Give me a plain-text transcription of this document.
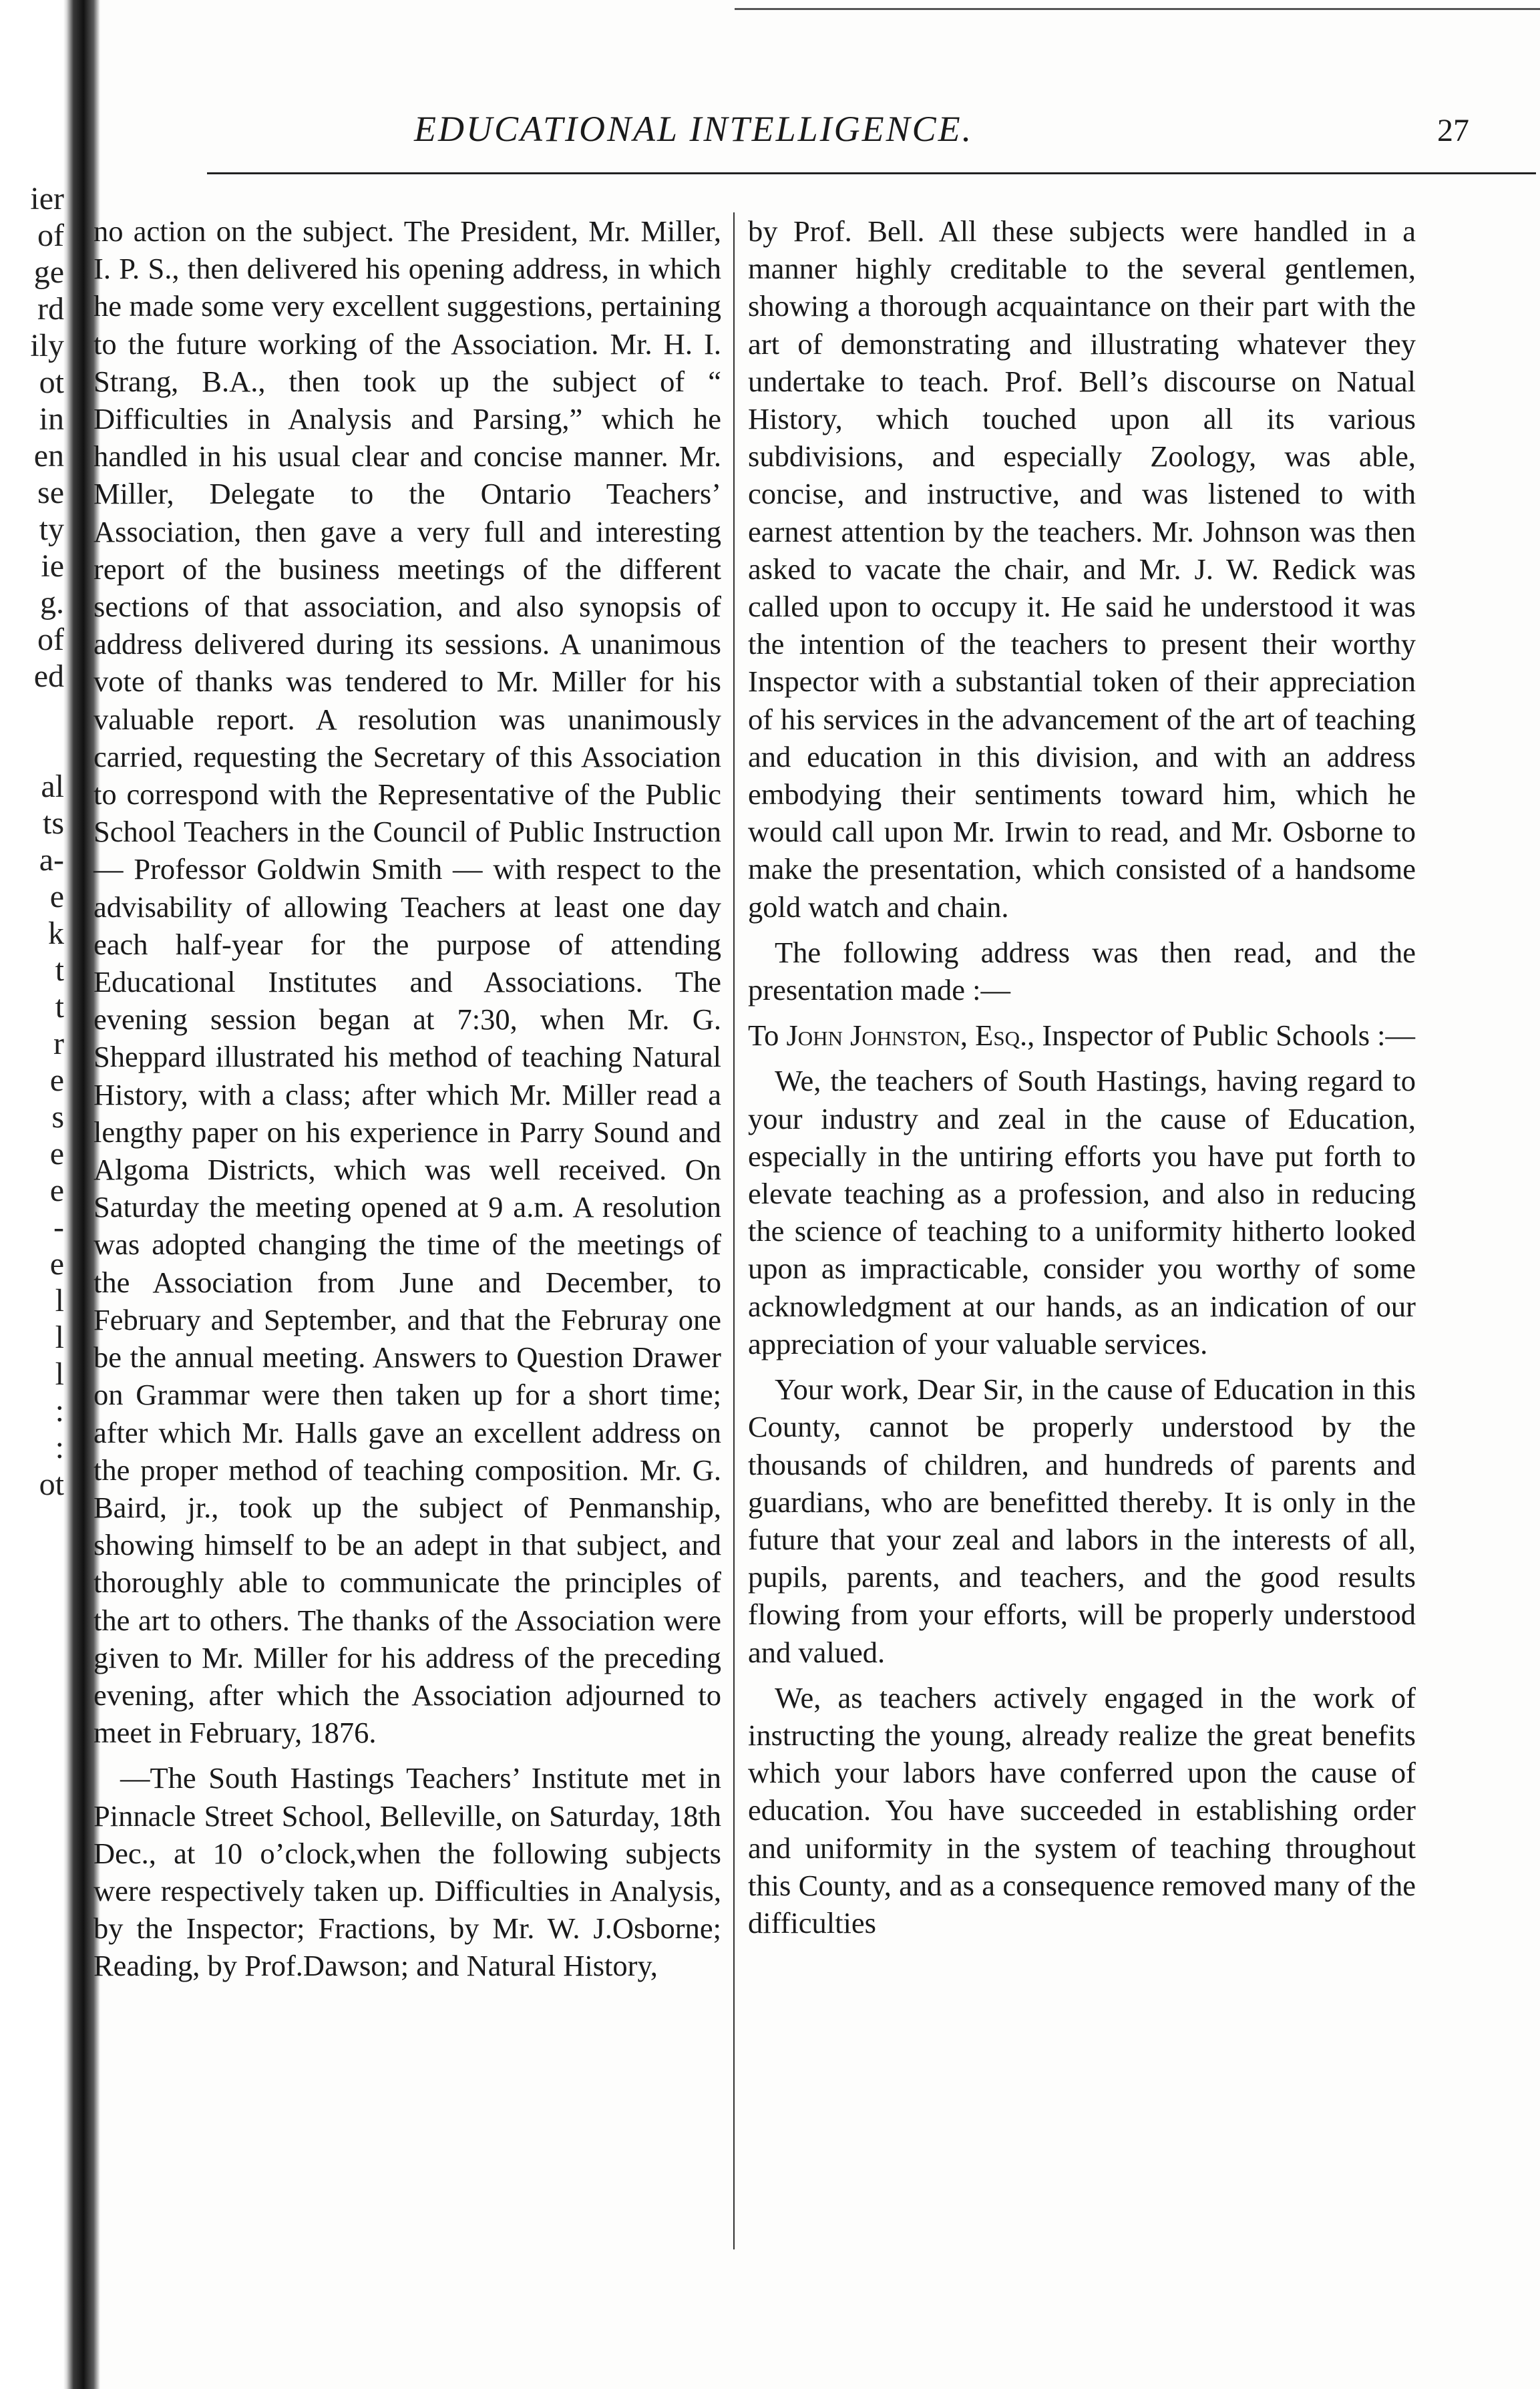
ier
of
ge
rd
ily
ot
in
en
se
ty
ie
g.
of
ed

al
ts
a-
e
k
t
t
r
e
s
e
e
-
e
l
l
l
:
:
ot
EDUCATIONAL INTELLIGENCE.	27

no action on the subject. The President, Mr. Miller, I. P. S., then delivered his opening address, in which he made some very excellent suggestions, pertaining to the future working of the Association. Mr. H. I. Strang, B.A., then took up the subject of “ Difficulties in Analysis and Parsing,” which he handled in his usual clear and concise manner. Mr. Miller, Delegate to the Ontario Teachers’ Association, then gave a very full and interesting report of the business meetings of the different sections of that association, and also synopsis of address delivered during its sessions. A unanimous vote of thanks was tendered to Mr. Miller for his valuable report. A resolution was unanimously carried, requesting the Secretary of this Association to correspond with the Representative of the Public School Teachers in the Council of Public Instruction— Professor Goldwin Smith — with respect to the advisability of allowing Teachers at least one day each half-year for the purpose of attending Educational Institutes and Associations. The evening session began at 7:30, when Mr. G. Sheppard illustrated his method of teaching Natural History, with a class; after which Mr. Miller read a lengthy paper on his experience in Parry Sound and Algoma Districts, which was well received. On Saturday the meeting opened at 9 a.m. A resolution was adopted changing the time of the meetings of the Association from June and December, to February and September, and that the Februray one be the annual meeting. Answers to Question Drawer on Grammar were then taken up for a short time; after which Mr. Halls gave an excellent address on the proper method of teaching composition. Mr. G. Baird, jr., took up the subject of Penmanship, showing himself to be an adept in that subject, and thoroughly able to communicate the principles of the art to others. The thanks of the Association were given to Mr. Miller for his address of the preceding evening, after which the Association adjourned to meet in February, 1876.

—The South Hastings Teachers’ Institute met in Pinnacle Street School, Belleville, on Saturday, 18th Dec., at 10 o’clock,when the following subjects were respectively taken up. Difficulties in Analysis, by the Inspector; Fractions, by Mr. W. J.Osborne; Reading, by Prof.Dawson; and Natural History,

by Prof. Bell. All these subjects were handled in a manner highly creditable to the several gentlemen, showing a thorough acquaintance on their part with the art of demonstrating and illustrating whatever they undertake to teach. Prof. Bell’s discourse on Natual History, which touched upon all its various subdivisions, and especially Zoology, was able, concise, and instructive, and was listened to with earnest attention by the teachers. Mr. Johnson was then asked to vacate the chair, and Mr. J. W. Redick was called upon to occupy it. He said he understood it was the intention of the teachers to present their worthy Inspector with a substantial token of their appreciation of his services in the advancement of the art of teaching and education in this division, and with an address embodying their sentiments toward him, which he would call upon Mr. Irwin to read, and Mr. Osborne to make the presentation, which consisted of a handsome gold watch and chain.

The following address was then read, and the presentation made :—

To John Johnston, Esq., Inspector of Public Schools :—

We, the teachers of South Hastings, having regard to your industry and zeal in the cause of Education, especially in the untiring efforts you have put forth to elevate teaching as a profession, and also in reducing the science of teaching to a uniformity hitherto looked upon as impracticable, consider you worthy of some acknowledgment at our hands, as an indication of our appreciation of your valuable services.

Your work, Dear Sir, in the cause of Education in this County, cannot be properly understood by the thousands of children, and hundreds of parents and guardians, who are benefitted thereby. It is only in the future that your zeal and labors in the interests of all, pupils, parents, and teachers, and the good results flowing from your efforts, will be properly understood and valued.

We, as teachers actively engaged in the work of instructing the young, already realize the great benefits which your labors have conferred upon the cause of education. You have succeeded in establishing order and uniformity in the system of teaching throughout this County, and as a consequence removed many of the difficulties
